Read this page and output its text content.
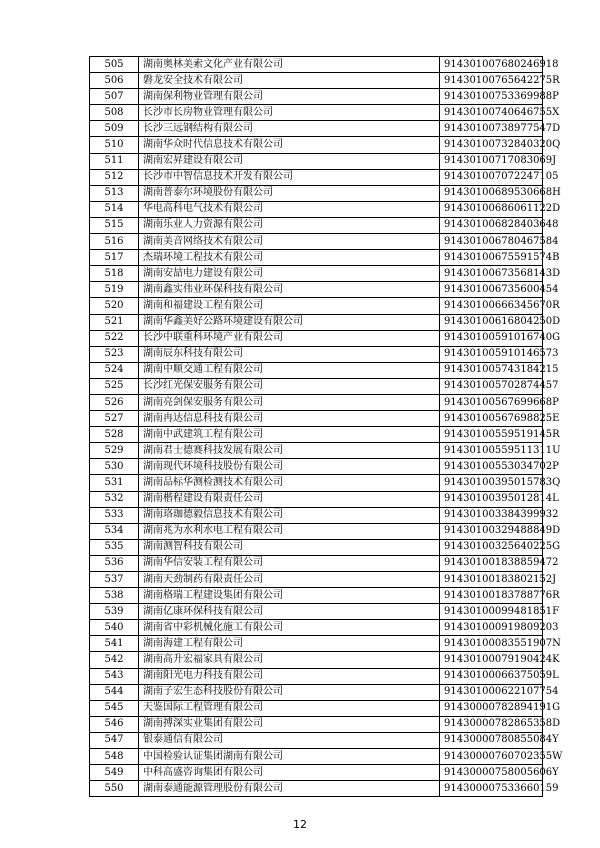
505	湖南奥林美索文化产业有限公司	914301007680246918
506	磐龙安全技术有限公司	91430100765642275R
507	湖南保利物业管理有限公司	91430100753369988P
508	长沙市长房物业管理有限公司	91430100740646755X
509	长沙三远钢结构有限公司	91430100738977547D
510	湖南华众时代信息技术有限公司	91430100732840320Q
511	湖南宏昇建设有限公司	91430100717083069J
512	长沙市中智信息技术开发有限公司	914301007072247105
513	湖南普泰尔环境股份有限公司	91430100689530668H
514	华电高科电气技术有限公司	91430100686061122D
515	湖南乐业人力资源有限公司	914301006828403648
516	湖南美音网络技术有限公司	914301006780467584
517	杰瑞环境工程技术有限公司	91430100675591574B
518	湖南安喆电力建设有限公司	91430100673568143D
519	湖南鑫实伟业环保科技有限公司	914301006735600454
520	湖南和福建设工程有限公司	91430100666345670R
521	湖南华鑫美好公路环境建设有限公司	91430100616804250D
522	长沙中联重科环境产业有限公司	91430100591016740G
523	湖南辰东科技有限公司	914301005910146573
524	湖南中顺交通工程有限公司	914301005743184215
525	长沙红光保安服务有限公司	914301005702874457
526	湖南亮剑保安服务有限公司	91430100567699668P
527	湖南冉达信息科技有限公司	91430100567698825E
528	湖南中武建筑工程有限公司	91430100559519145R
529	湖南君士德赛科技发展有限公司	91430100559511311U
530	湖南现代环境科技股份有限公司	91430100553034702P
531	湖南品标华测检测技术有限公司	91430100395015783Q
532	湖南楷程建设有限责任公司	91430100395012814L
533	湖南珞珈德毅信息技术有限公司	914301003384399932
534	湖南兆为水利水电工程有限公司	91430100329488849D
535	湖南测智科技有限公司	91430100325640225G
536	湖南华信安装工程有限公司	914301001838859472
537	湖南天劲制药有限责任公司	91430100183802152J
538	湖南格瑞工程建设集团有限公司	91430100183788776R
539	湖南亿康环保科技有限公司	91430100099481851F
540	湖南省中彩机械化施工有限公司	914301000919809203
541	湖南海建工程有限公司	91430100083551907N
542	湖南高升宏福家具有限公司	91430100079190424K
543	湖南阳光电力科技有限公司	91430100066375059L
544	湖南子宏生态科技股份有限公司	914301000622107754
545	天鉴国际工程管理有限公司	91430000782894191G
546	湖南搏深实业集团有限公司	91430000782865358D
547	银泰通信有限公司	91430000780855084Y
548	中国检验认证集团湖南有限公司	91430000760702355W
549	中科高盛咨询集团有限公司	91430000758005606Y
550	湖南泰通能源管理股份有限公司	914300007533660159
12
